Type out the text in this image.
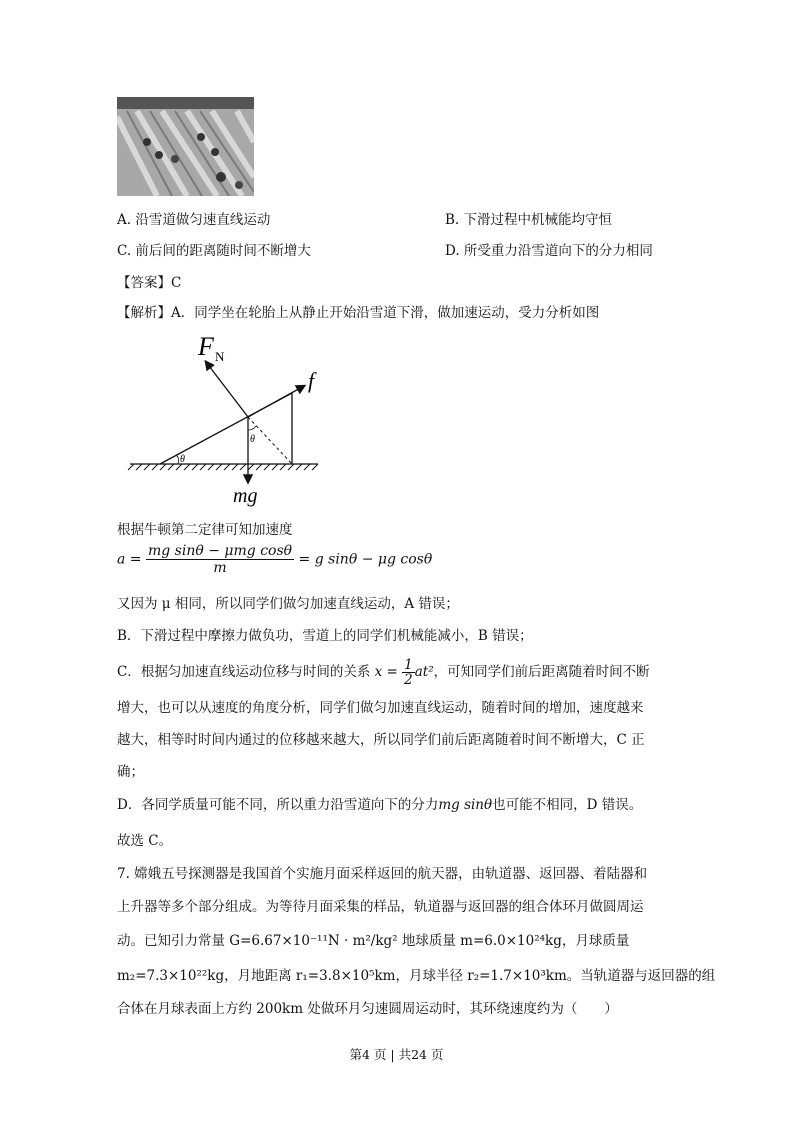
A. 沿雪道做匀速直线运动	B. 下滑过程中机械能均守恒
C. 前后间的距离随时间不断增大	D. 所受重力沿雪道向下的分力相同
【答案】C
【解析】A．同学坐在轮胎上从静止开始沿雪道下滑，做加速运动，受力分析如图
F N
f
mg
θ
θ
根据牛顿第二定律可知加速度
$a = \frac{\text{mg sinθ − μmg cosθ}}{m} = g$ sinθ − μg cosθ
又因为 μ 相同，所以同学们做匀加速直线运动，A 错误；
B．下滑过程中摩擦力做负功，雪道上的同学们机械能减小，B 错误；
C．根据匀加速直线运动位移与时间的关系 $x = \frac{1}{2} at^2$，可知同学们前后距离随着时间不断
增大，也可以从速度的角度分析，同学们做匀加速直线运动，随着时间的增加，速度越来
越大，相等时时间内通过的位移越来越大，所以同学们前后距离随着时间不断增大，C 正
确；
D．各同学质量可能不同，所以重力沿雪道向下的分力mg sinθ也可能不相同，D 错误。
故选 C。
7. 嫦娥五号探测器是我国首个实施月面采样返回的航天器，由轨道器、返回器、着陆器和
上升器等多个部分组成。为等待月面采集的样品，轨道器与返回器的组合体环月做圆周运
动。已知引力常量 G=6.67×10⁻¹¹N · m²/kg² 地球质量 m=6.0×10²⁴kg，月球质量
m₂=7.3×10²²kg，月地距离 r₁=3.8×10⁵km，月球半径 r₂=1.7×10³km。当轨道器与返回器的组
合体在月球表面上方约 200km 处做环月匀速圆周运动时，其环绕速度约为（　　）
第4 页 | 共24 页
